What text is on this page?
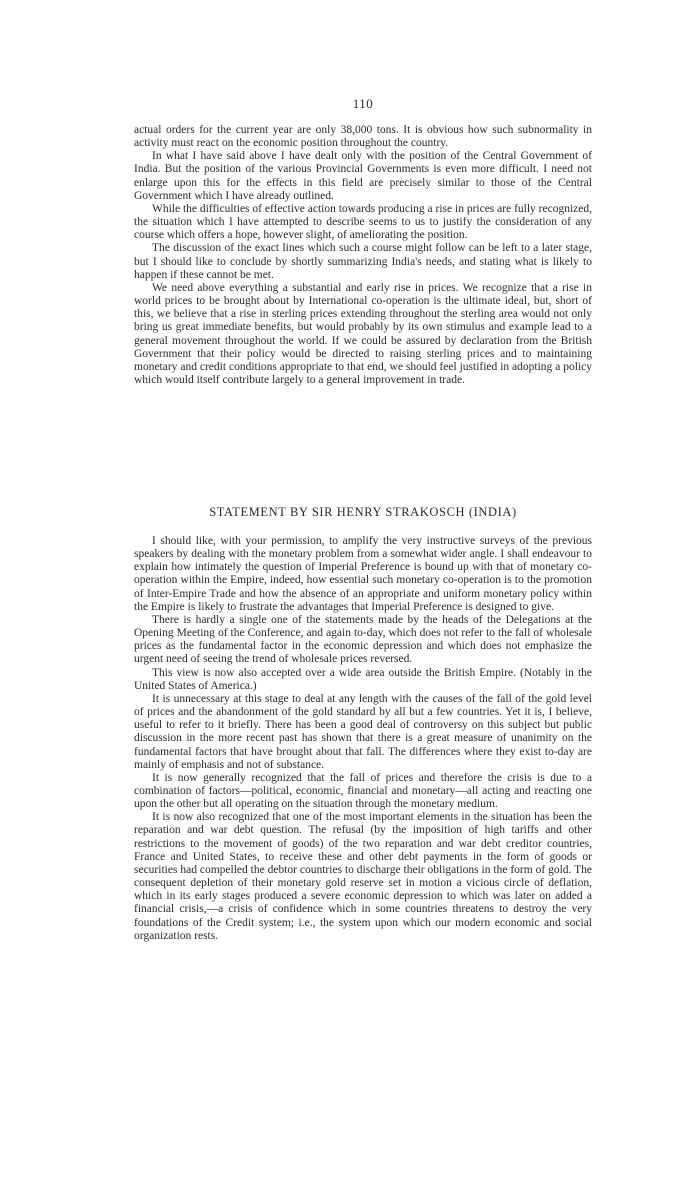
110

actual orders for the current year are only 38,000 tons. It is obvious how such subnormality in activity must react on the economic position throughout the country.

In what I have said above I have dealt only with the position of the Central Government of India. But the position of the various Provincial Governments is even more difficult. I need not enlarge upon this for the effects in this field are precisely similar to those of the Central Government which I have already outlined.

While the difficulties of effective action towards producing a rise in prices are fully recognized, the situation which I have attempted to describe seems to us to justify the consideration of any course which offers a hope, however slight, of ameliorating the position.

The discussion of the exact lines which such a course might follow can be left to a later stage, but I should like to conclude by shortly summarizing India's needs, and stating what is likely to happen if these cannot be met.

We need above everything a substantial and early rise in prices. We recognize that a rise in world prices to be brought about by International co-operation is the ultimate ideal, but, short of this, we believe that a rise in sterling prices extending throughout the sterling area would not only bring us great immediate benefits, but would probably by its own stimulus and example lead to a general movement throughout the world. If we could be assured by declaration from the British Government that their policy would be directed to raising sterling prices and to maintaining monetary and credit conditions appropriate to that end, we should feel justified in adopting a policy which would itself contribute largely to a general improvement in trade.

STATEMENT BY SIR HENRY STRAKOSCH (INDIA)

I should like, with your permission, to amplify the very instructive surveys of the previous speakers by dealing with the monetary problem from a somewhat wider angle. I shall endeavour to explain how intimately the question of Imperial Preference is bound up with that of monetary co-operation within the Empire, indeed, how essential such monetary co-operation is to the promotion of Inter-Empire Trade and how the absence of an appropriate and uniform monetary policy within the Empire is likely to frustrate the advantages that Imperial Preference is designed to give.

There is hardly a single one of the statements made by the heads of the Delegations at the Opening Meeting of the Conference, and again to-day, which does not refer to the fall of wholesale prices as the fundamental factor in the economic depression and which does not emphasize the urgent need of seeing the trend of wholesale prices reversed.

This view is now also accepted over a wide area outside the British Empire. (Notably in the United States of America.)

It is unnecessary at this stage to deal at any length with the causes of the fall of the gold level of prices and the abandonment of the gold standard by all but a few countries. Yet it is, I believe, useful to refer to it briefly. There has been a good deal of controversy on this subject but public discussion in the more recent past has shown that there is a great measure of unanimity on the fundamental factors that have brought about that fall. The differences where they exist to-day are mainly of emphasis and not of substance.

It is now generally recognized that the fall of prices and therefore the crisis is due to a combination of factors—political, economic, financial and monetary—all acting and reacting one upon the other but all operating on the situation through the monetary medium.

It is now also recognized that one of the most important elements in the situation has been the reparation and war debt question. The refusal (by the imposition of high tariffs and other restrictions to the movement of goods) of the two reparation and war debt creditor countries, France and United States, to receive these and other debt payments in the form of goods or securities had compelled the debtor countries to discharge their obligations in the form of gold. The consequent depletion of their monetary gold reserve set in motion a vicious circle of deflation, which in its early stages produced a severe economic depression to which was later on added a financial crisis,—a crisis of confidence which in some countries threatens to destroy the very foundations of the Credit system; i.e., the system upon which our modern economic and social organization rests.
